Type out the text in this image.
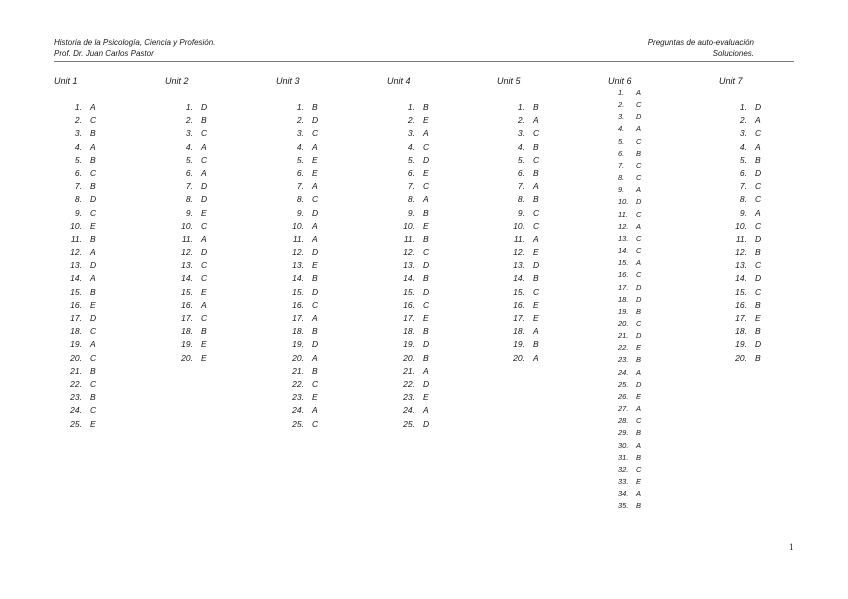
Historia de la Psicología, Ciencia y Profesión.
Prof. Dr. Juan Carlos Pastor
Preguntas de auto-evaluación
Soluciones.
Unit 1
1. A
2. C
3. B
4. A
5. B
6. C
7. B
8. D
9. C
10. E
11. B
12. A
13. D
14. A
15. B
16. E
17. D
18. C
19. A
20. C
21. B
22. C
23. B
24. C
25. E
Unit 2
1. D
2. B
3. C
4. A
5. C
6. A
7. D
8. D
9. E
10. C
11. A
12. D
13. C
14. C
15. E
16. A
17. C
18. B
19. E
20. E
Unit 3
1. B
2. D
3. C
4. A
5. E
6. E
7. A
8. C
9. D
10. A
11. A
12. D
13. E
14. B
15. D
16. C
17. A
18. B
19. D
20. A
21. B
22. C
23. E
24. A
25. C
Unit 4
1. B
2. E
3. A
4. C
5. D
6. E
7. C
8. A
9. B
10. E
11. B
12. C
13. D
14. B
15. D
16. C
17. E
18. B
19. D
20. B
21. A
22. D
23. E
24. A
25. D
Unit 5
1. B
2. A
3. C
4. B
5. C
6. B
7. A
8. B
9. C
10. C
11. A
12. E
13. D
14. B
15. C
16. E
17. E
18. A
19. B
20. A
Unit 6
1.	A
2.	C
3.	D
4.	A
5.	C
6.	B
7.	C
8.	C
9.	A
10.	D
11.	C
12.	A
13.	C
14.	C
15.	A
16.	C
17.	D
18.	D
19.	B
20.	C
21.	D
22.	E
23.	B
24.	A
25.	D
26.	E
27.	A
28.	C
29.	B
30.	A
31.	B
32.	C
33.	E
34.	A
35.	B
Unit 7
1. D
2. A
3. C
4. A
5. B
6. D
7. C
8. C
9. A
10. C
11. D
12. B
13. C
14. D
15. C
16. B
17. E
18. B
19. D
20. B
1
